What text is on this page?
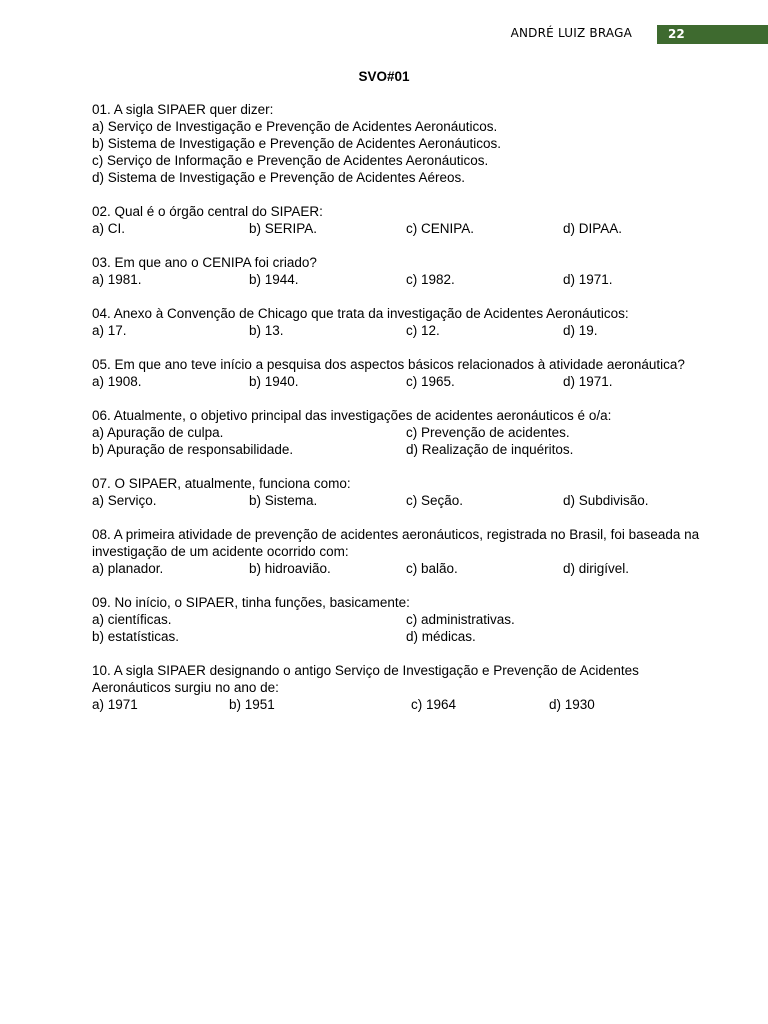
ANDRÉ LUIZ BRAGA	22
SVO#01
01. A sigla SIPAER quer dizer:
a) Serviço de Investigação e Prevenção de Acidentes Aeronáuticos.
b) Sistema de Investigação e Prevenção de Acidentes Aeronáuticos.
c) Serviço de Informação e Prevenção de Acidentes Aeronáuticos.
d) Sistema de Investigação e Prevenção de Acidentes Aéreos.
02. Qual é o órgão central do SIPAER:
a) CI.	b) SERIPA.	c) CENIPA.	d) DIPAA.
03. Em que ano o CENIPA foi criado?
a) 1981.	b) 1944.	c) 1982.	d) 1971.
04. Anexo à Convenção de Chicago que trata da investigação de Acidentes Aeronáuticos:
a) 17.	b) 13.	c) 12.	d) 19.
05. Em que ano teve início a pesquisa dos aspectos básicos relacionados à atividade aeronáutica?
a) 1908.	b) 1940.	c) 1965.	d) 1971.
06. Atualmente, o objetivo principal das investigações de acidentes aeronáuticos é o/a:
a) Apuração de culpa.	c) Prevenção de acidentes.
b) Apuração de responsabilidade.	d) Realização de inquéritos.
07. O SIPAER, atualmente, funciona como:
a) Serviço.	b) Sistema.	c) Seção.	d) Subdivisão.
08. A primeira atividade de prevenção de acidentes aeronáuticos, registrada no Brasil, foi baseada na
investigação de um acidente ocorrido com:
a) planador.	b) hidroavião.	c) balão.	d) dirigível.
09. No início, o SIPAER, tinha funções, basicamente:
a) científicas.	c) administrativas.
b) estatísticas.	d) médicas.
10. A sigla SIPAER designando o antigo Serviço de Investigação e Prevenção de Acidentes
Aeronáuticos surgiu no ano de:
a) 1971	b) 1951	c) 1964	d) 1930
